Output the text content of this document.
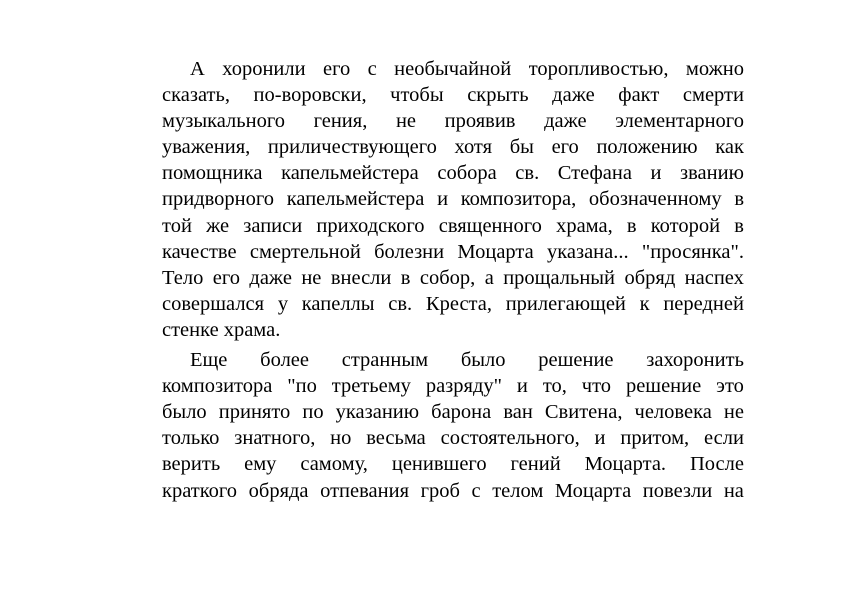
А хоронили его с необычайной торопливостью, можно
сказать, по-воровски, чтобы скрыть даже факт смерти
музыкального гения, не проявив даже элементарного
уважения, приличествующего хотя бы его положению как
помощника капельмейстера собора св. Стефана и званию
придворного капельмейстера и композитора, обозначенному в
той же записи приходского священного храма, в которой в
качестве смертельной болезни Моцарта указана... "просянка".
Тело его даже не внесли в собор, а прощальный обряд наспех
совершался у капеллы св. Креста, прилегающей к передней
стенке храма.
Еще более странным было решение захоронить
композитора "по третьему разряду" и то, что решение это
было принято по указанию барона ван Свитена, человека не
только знатного, но весьма состоятельного, и притом, если
верить ему самому, ценившего гений Моцарта. После
краткого обряда отпевания гроб с телом Моцарта повезли на
